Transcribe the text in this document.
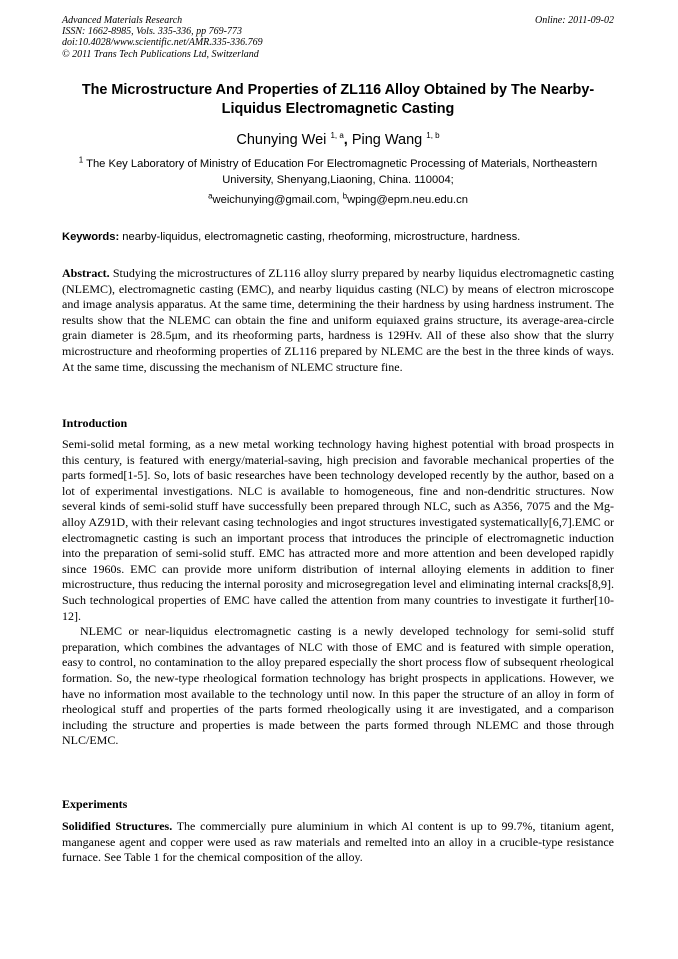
Advanced Materials Research
ISSN: 1662-8985, Vols. 335-336, pp 769-773
doi:10.4028/www.scientific.net/AMR.335-336.769
© 2011 Trans Tech Publications Ltd, Switzerland
Online: 2011-09-02
The Microstructure And Properties of ZL116 Alloy Obtained by The Nearby-Liquidus Electromagnetic Casting
Chunying Wei $^{1, a}$, Ping Wang $^{1, b}$
$^1$ The Key Laboratory of Ministry of Education For Electromagnetic Processing of Materials, Northeastern University, Shenyang,Liaoning, China. 110004;
$^a$weichunying@gmail.com, $^b$wping@epm.neu.edu.cn
Keywords: nearby-liquidus, electromagnetic casting, rheoforming, microstructure, hardness.

Abstract. Studying the microstructures of ZL116 alloy slurry prepared by nearby liquidus electromagnetic casting (NLEMC), electromagnetic casting (EMC), and nearby liquidus casting (NLC) by means of electron microscope and image analysis apparatus. At the same time, determining the their hardness by using hardness instrument. The results show that the NLEMC can obtain the fine and uniform equiaxed grains structure, its average-area-circle grain diameter is 28.5μm, and its rheoforming parts, hardness is 129Hv. All of these also show that the slurry microstructure and rheoforming properties of ZL116 prepared by NLEMC are the best in the three kinds of ways. At the same time, discussing the mechanism of NLEMC structure fine.

Introduction

Semi-solid metal forming, as a new metal working technology having highest potential with broad prospects in this century, is featured with energy/material-saving, high precision and favorable mechanical properties of the parts formed[1-5]. So, lots of basic researches have been technology developed recently by the author, based on a lot of experimental investigations. NLC is available to homogeneous, fine and non-dendritic structures. Now several kinds of semi-solid stuff have successfully been prepared through NLC, such as A356, 7075 and the Mg-alloy AZ91D, with their relevant casing technologies and ingot structures investigated systematically[6,7].EMC or electromagnetic casting is such an important process that introduces the principle of electromagnetic induction into the preparation of semi-solid stuff. EMC has attracted more and more attention and been developed rapidly since 1960s. EMC can provide more uniform distribution of internal alloying elements in addition to finer microstructure, thus reducing the internal porosity and microsegregation level and eliminating internal cracks[8,9]. Such technological properties of EMC have called the attention from many countries to investigate it further[10-12].

NLEMC or near-liquidus electromagnetic casting is a newly developed technology for semi-solid stuff preparation, which combines the advantages of NLC with those of EMC and is featured with simple operation, easy to control, no contamination to the alloy prepared especially the short process flow of subsequent rheological formation. So, the new-type rheological formation technology has bright prospects in applications. However, we have no information most available to the technology until now. In this paper the structure of an alloy in form of rheological stuff and properties of the parts formed rheologically using it are investigated, and a comparison including the structure and properties is made between the parts formed through NLEMC and those through NLC/EMC.

Experiments

Solidified Structures. The commercially pure aluminium in which Al content is up to 99.7%, titanium agent, manganese agent and copper were used as raw materials and remelted into an alloy in a crucible-type resistance furnace. See Table 1 for the chemical composition of the alloy.
